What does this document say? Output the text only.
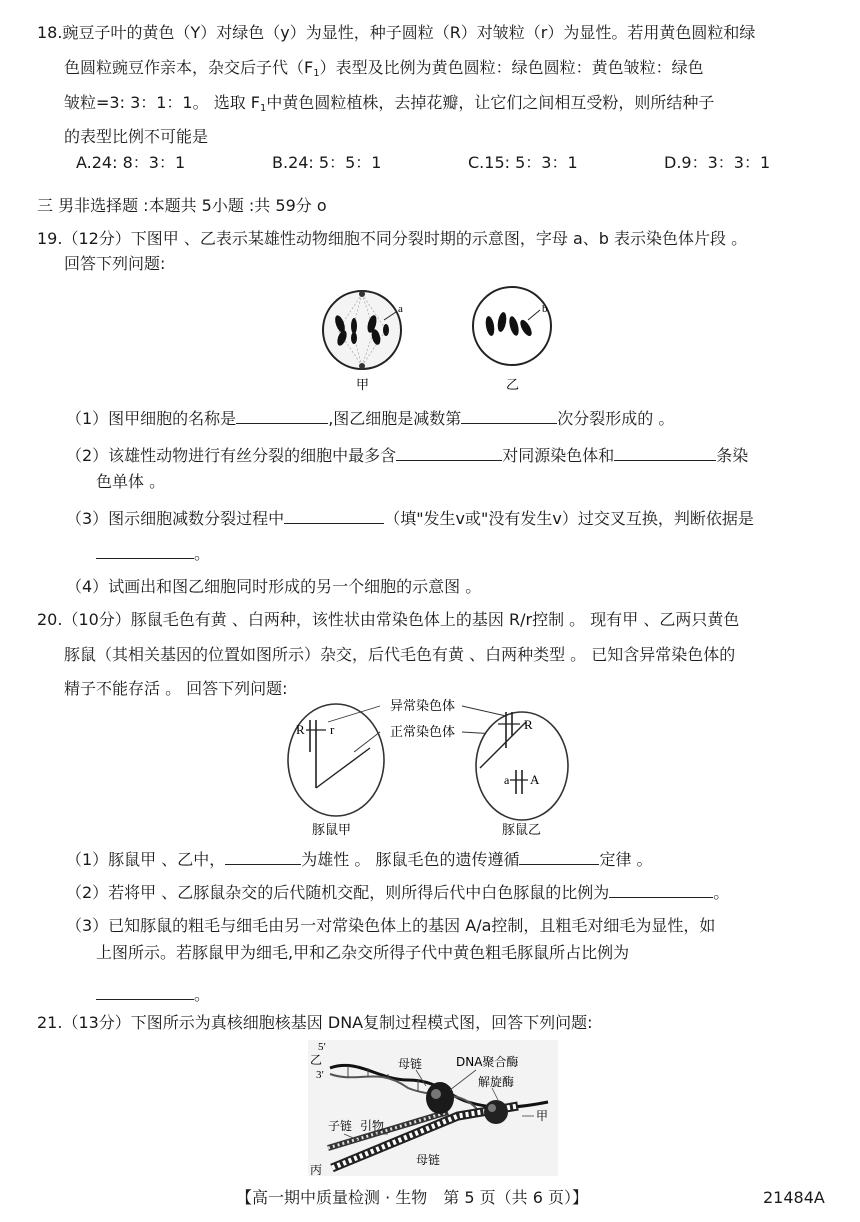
18.豌豆子叶的黄色（Y）对绿色（y）为显性，种子圆粒（R）对皱粒（r）为显性。若用黄色圆粒和绿
色圆粒豌豆作亲本，杂交后子代$(F_1)$表型及比例为黄色圆粒：绿色圆粒：黄色皱粒：绿色
皱粒=3: 3：1：1。 选取 $F_1$中黄色圆粒植株，去掉花瓣，让它们之间相互受粉，则所结种子
的表型比例不可能是
A.24: 8：3：1	B.24: 5：5：1	C.15: 5：3：1	D.9：3：3：1
三 男非选择题 :本题共 5小题 :共 59分 o
19.（12分）下图甲 、乙表示某雄性动物细胞不同分裂时期的示意图，字母 a、b 表示染色体片段 。
回答下列问题:
a
甲
b
乙
（1）图甲细胞的名称是	,图乙细胞是减数第	次分裂形成的 。
（2）该雄性动物进行有丝分裂的细胞中最多含	对同源染色体和	条染
色单体 。
（3）图示细胞减数分裂过程中	（填"发生v或"没有发生v）过交叉互换，判断依据是
。
（4）试画出和图乙细胞同时形成的另一个细胞的示意图 。
20.（10分）豚鼠毛色有黄 、白两种，该性状由常染色体上的基因 R/r控制 。 现有甲 、乙两只黄色
豚鼠（其相关基因的位置如图所示）杂交，后代毛色有黄 、白两种类型 。 已知含异常染色体的
精子不能存活 。 回答下列问题:
R r
豚鼠甲
异常染色体
正常染色体
R
a A
豚鼠乙
（1）豚鼠甲 、乙中，	为雄性 。 豚鼠毛色的遗传遵循	定律 。
（2）若将甲 、乙豚鼠杂交的后代随机交配，则所得后代中白色豚鼠的比例为	。
（3）已知豚鼠的粗毛与细毛由另一对常染色体上的基因 A/a控制，且粗毛对细毛为显性，如
上图所示。若豚鼠甲为细毛,甲和乙杂交所得子代中黄色粗毛豚鼠所占比例为
。
21.（13分）下图所示为真核细胞核基因 DNA复制过程模式图，回答下列问题:
5′
乙
3′
母链	DNA聚合酶
解旋酶
甲
子链 引物
丙
母链
【高一期中质量检测 · 生物　第 5 页（共 6 页）】	21484A
